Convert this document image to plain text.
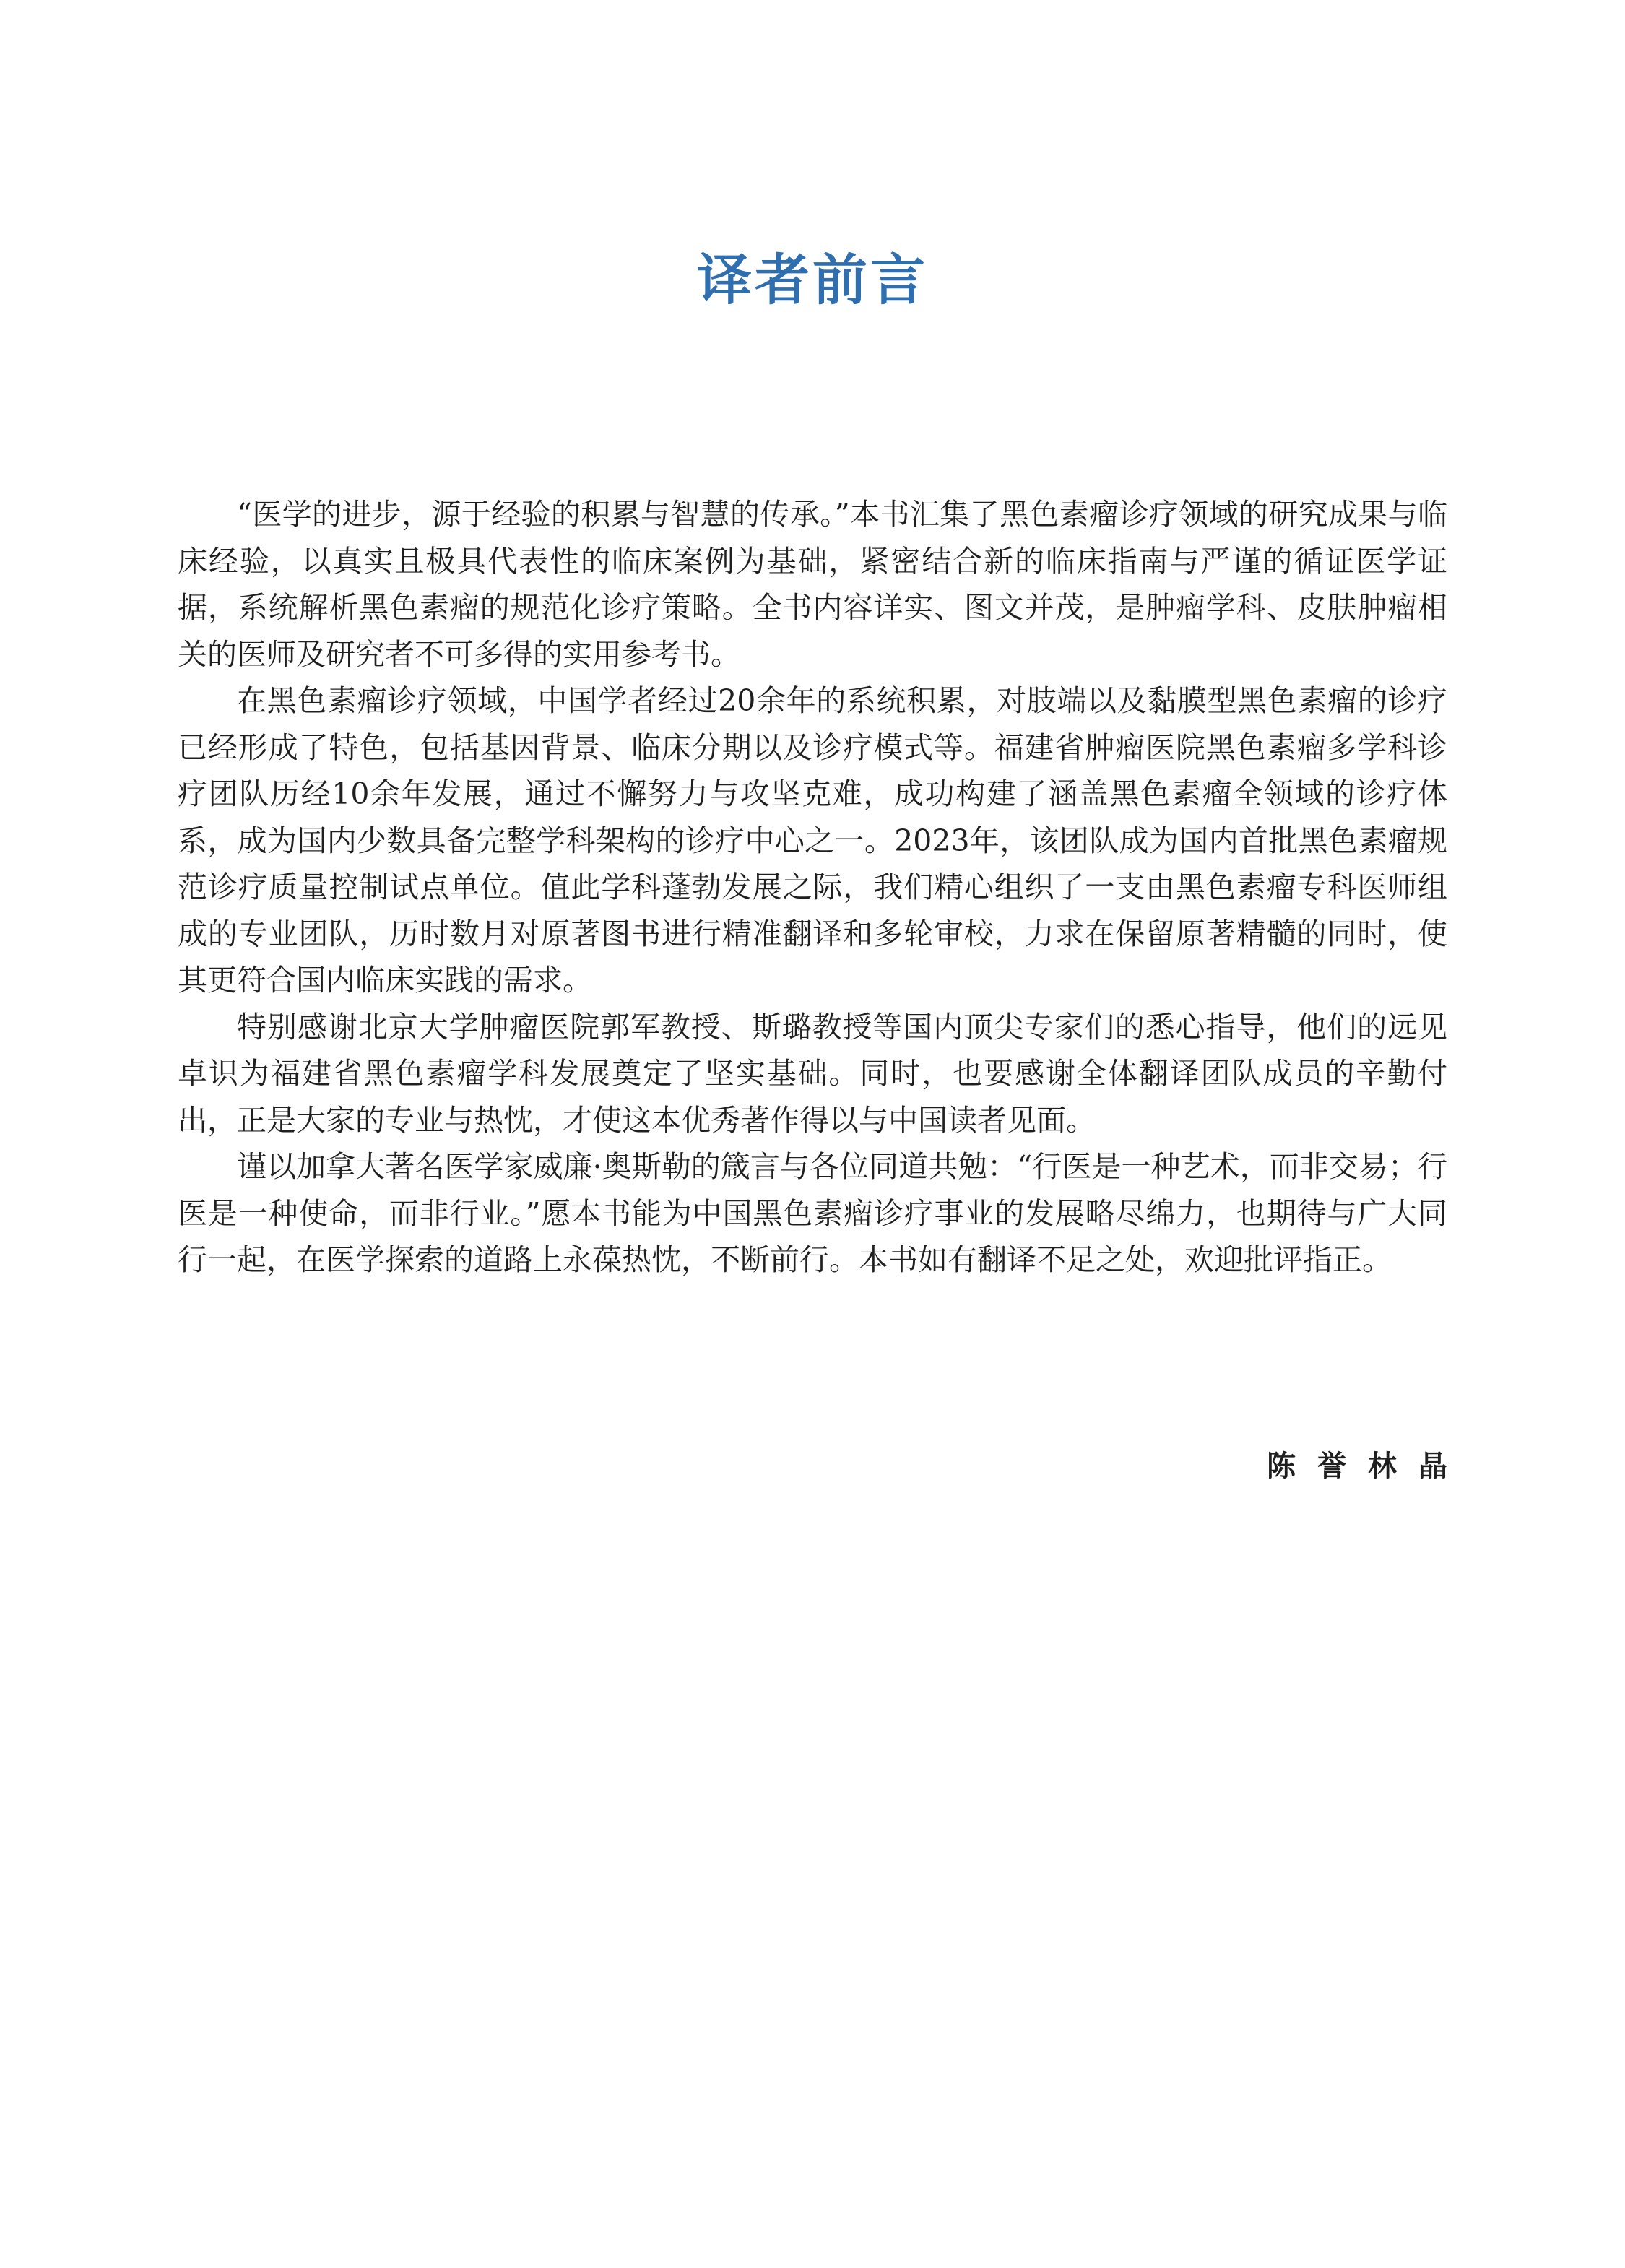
译者前言

“医学的进步，源于经验的积累与智慧的传承。”本书汇集了黑色素瘤诊疗领域的研究成果与临床经验，以真实且极具代表性的临床案例为基础，紧密结合新的临床指南与严谨的循证医学证据，系统解析黑色素瘤的规范化诊疗策略。全书内容详实、图文并茂，是肿瘤学科、皮肤肿瘤相关的医师及研究者不可多得的实用参考书。

在黑色素瘤诊疗领域，中国学者经过20余年的系统积累，对肢端以及黏膜型黑色素瘤的诊疗已经形成了特色，包括基因背景、临床分期以及诊疗模式等。福建省肿瘤医院黑色素瘤多学科诊疗团队历经10余年发展，通过不懈努力与攻坚克难，成功构建了涵盖黑色素瘤全领域的诊疗体系，成为国内少数具备完整学科架构的诊疗中心之一。2023年，该团队成为国内首批黑色素瘤规范诊疗质量控制试点单位。值此学科蓬勃发展之际，我们精心组织了一支由黑色素瘤专科医师组成的专业团队，历时数月对原著图书进行精准翻译和多轮审校，力求在保留原著精髓的同时，使其更符合国内临床实践的需求。

特别感谢北京大学肿瘤医院郭军教授、斯璐教授等国内顶尖专家们的悉心指导，他们的远见卓识为福建省黑色素瘤学科发展奠定了坚实基础。同时，也要感谢全体翻译团队成员的辛勤付出，正是大家的专业与热忱，才使这本优秀著作得以与中国读者见面。

谨以加拿大著名医学家威廉·奥斯勒的箴言与各位同道共勉：“行医是一种艺术，而非交易；行医是一种使命，而非行业。”愿本书能为中国黑色素瘤诊疗事业的发展略尽绵力，也期待与广大同行一起，在医学探索的道路上永葆热忱，不断前行。本书如有翻译不足之处，欢迎批评指正。

陈誉林晶
